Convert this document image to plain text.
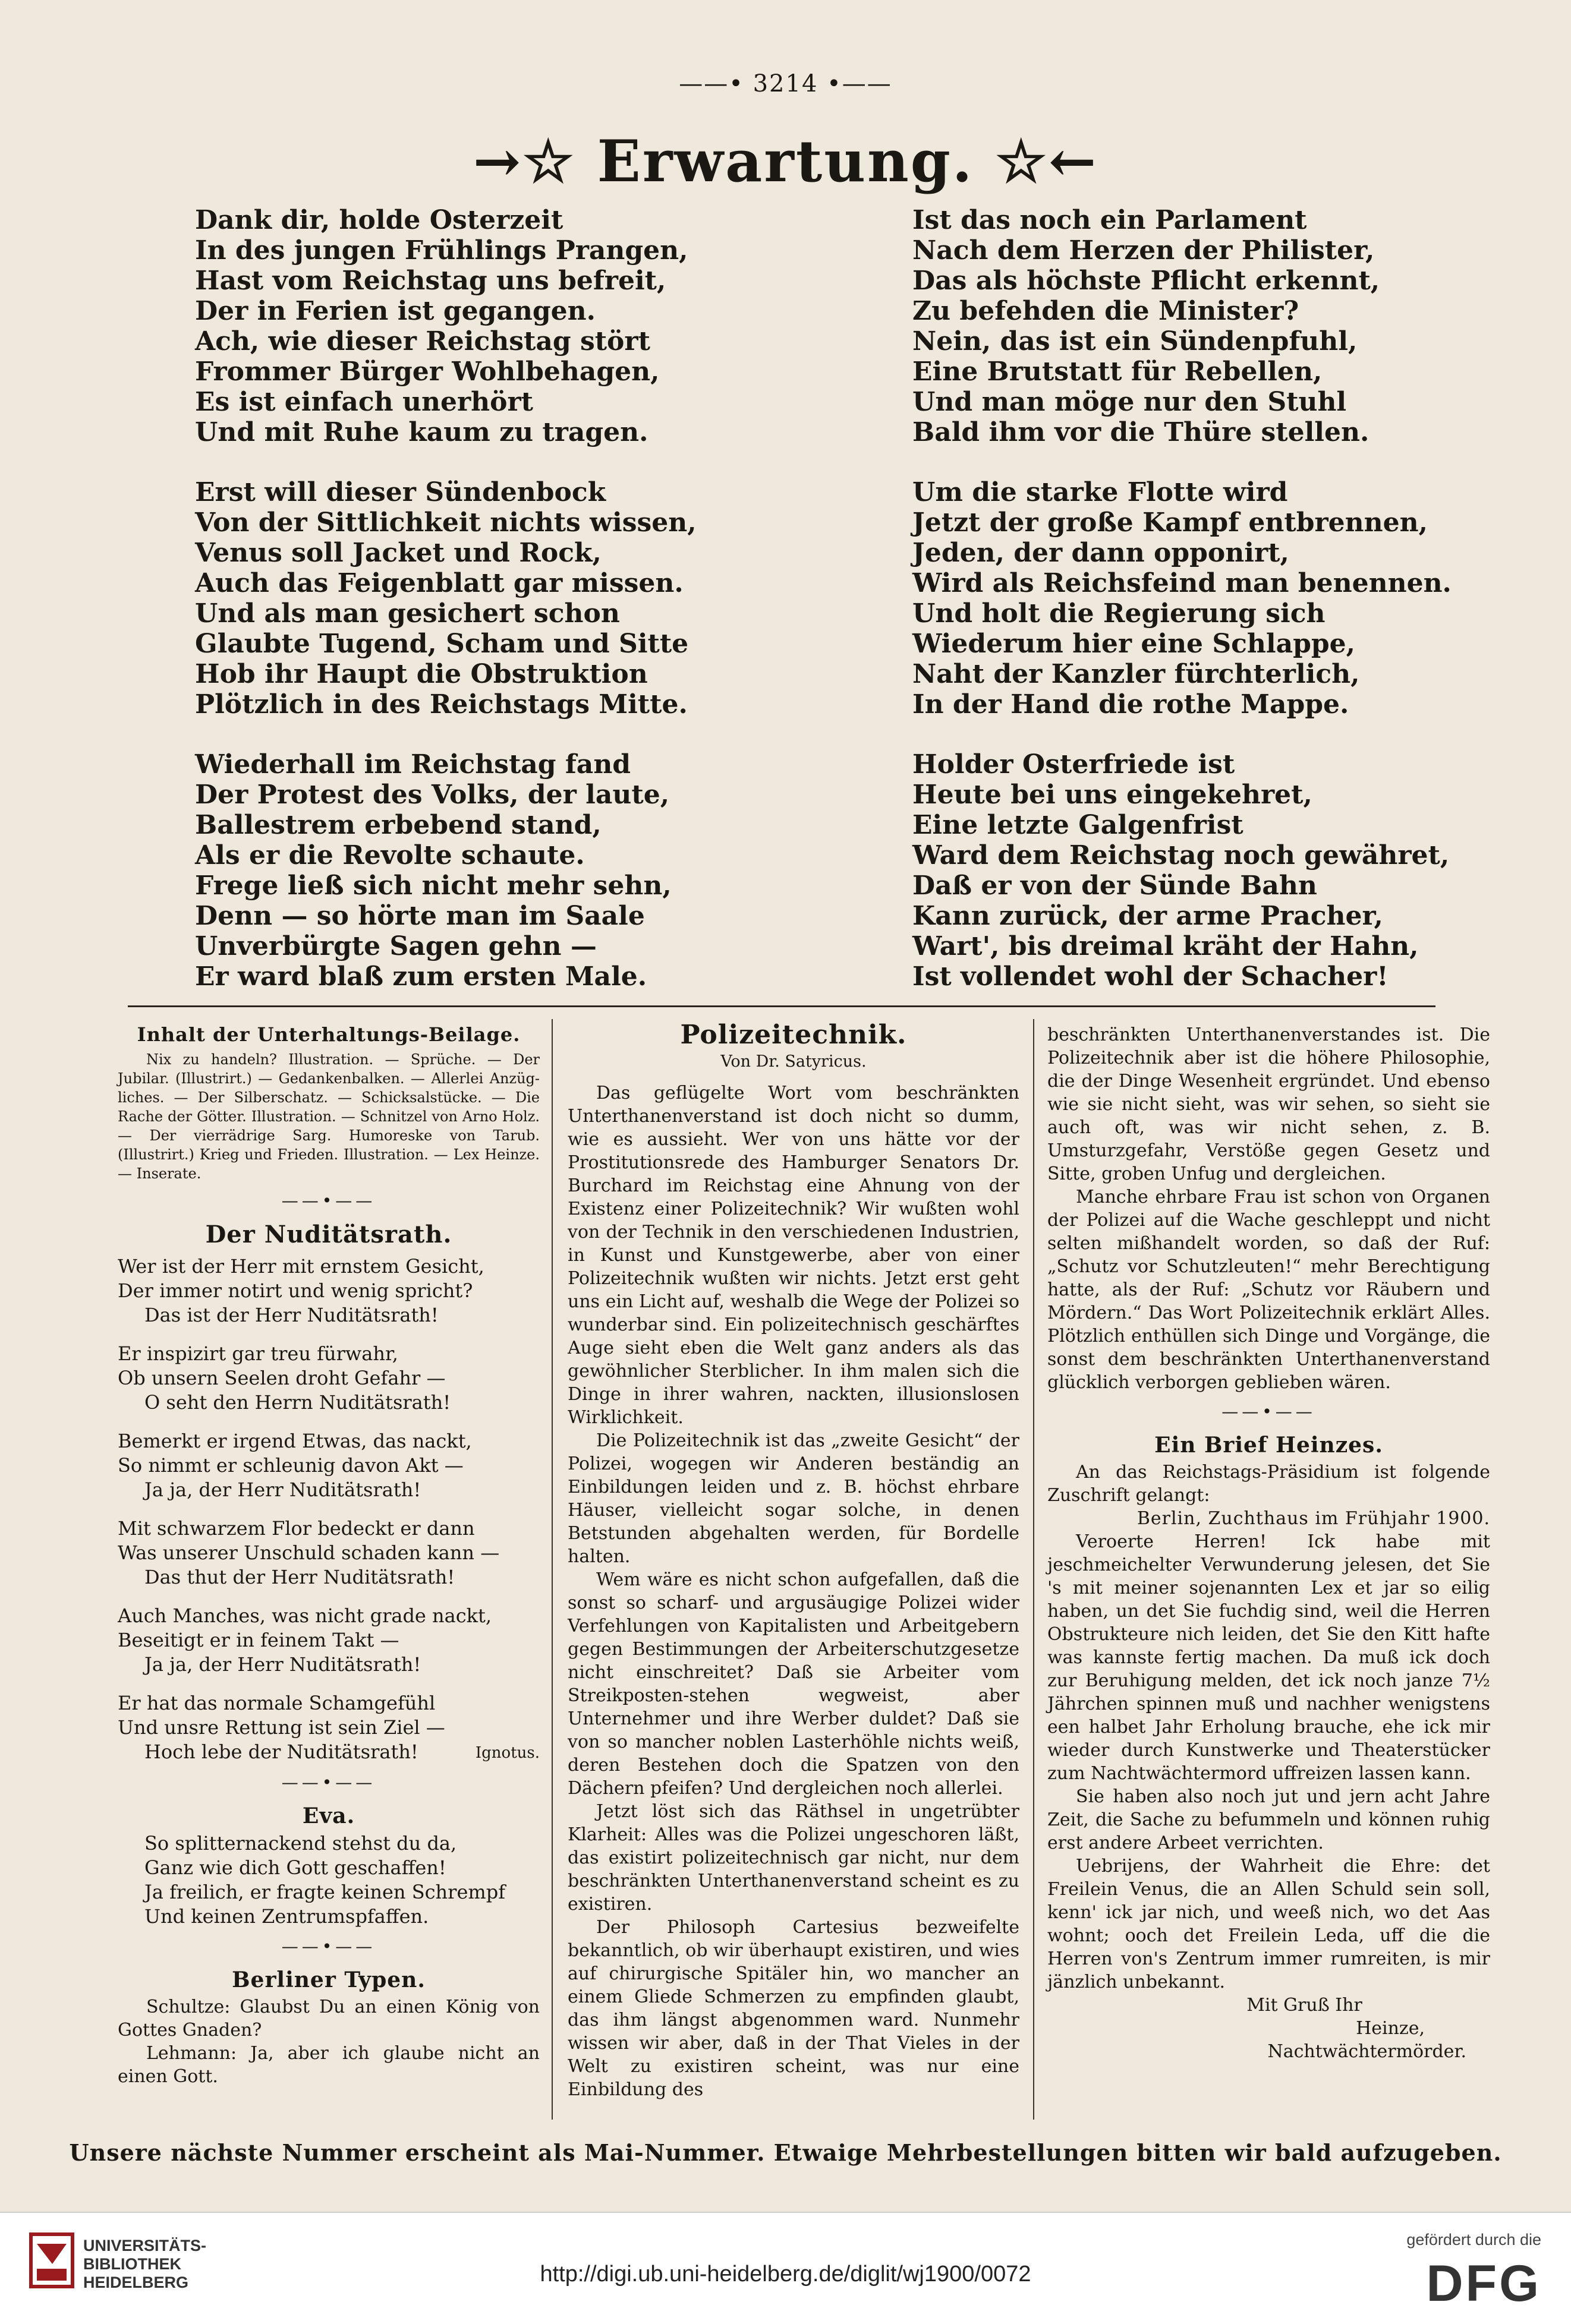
——• 3214 •——
→☆ Erwartung. ☆←
Dank dir, holde Osterzeit
In des jungen Frühlings Prangen,
Hast vom Reichstag uns befreit,
Der in Ferien ist gegangen.
Ach, wie dieser Reichstag stört
Frommer Bürger Wohlbehagen,
Es ist einfach unerhört
Und mit Ruhe kaum zu tragen.
Erst will dieser Sündenbock
Von der Sittlichkeit nichts wissen,
Venus soll Jacket und Rock,
Auch das Feigenblatt gar missen.
Und als man gesichert schon
Glaubte Tugend, Scham und Sitte
Hob ihr Haupt die Obstruktion
Plötzlich in des Reichstags Mitte.
Wiederhall im Reichstag fand
Der Protest des Volks, der laute,
Ballestrem erbebend stand,
Als er die Revolte schaute.
Frege ließ sich nicht mehr sehn,
Denn — so hörte man im Saale
Unverbürgte Sagen gehn —
Er ward blaß zum ersten Male.
Ist das noch ein Parlament
Nach dem Herzen der Philister,
Das als höchste Pflicht erkennt,
Zu befehden die Minister?
Nein, das ist ein Sündenpfuhl,
Eine Brutstatt für Rebellen,
Und man möge nur den Stuhl
Bald ihm vor die Thüre stellen.
Um die starke Flotte wird
Jetzt der große Kampf entbrennen,
Jeden, der dann opponirt,
Wird als Reichsfeind man benennen.
Und holt die Regierung sich
Wiederum hier eine Schlappe,
Naht der Kanzler fürchterlich,
In der Hand die rothe Mappe.
Holder Osterfriede ist
Heute bei uns eingekehret,
Eine letzte Galgenfrist
Ward dem Reichstag noch gewähret,
Daß er von der Sünde Bahn
Kann zurück, der arme Pracher,
Wart', bis dreimal kräht der Hahn,
Ist vollendet wohl der Schacher!
Inhalt der Unterhaltungs-Beilage.

Nix zu handeln? Illustration. — Sprüche. — Der Jubilar. (Illustrirt.) — Gedankenbalken. — Allerlei Anzüg-liches. — Der Silberschatz. — Schicksalstücke. — Die Rache der Götter. Illustration. — Schnitzel von Arno Holz. — Der vierrädrige Sarg. Humoreske von Tarub. (Illustrirt.) Krieg und Frieden. Illustration. — Lex Heinze. — Inserate.

——•——
Der Nuditätsrath.
Wer ist der Herr mit ernstem Gesicht,
Der immer notirt und wenig spricht?
Das ist der Herr Nuditätsrath!
Er inspizirt gar treu fürwahr,
Ob unsern Seelen droht Gefahr —
O seht den Herrn Nuditätsrath!
Bemerkt er irgend Etwas, das nackt,
So nimmt er schleunig davon Akt —
Ja ja, der Herr Nuditätsrath!
Mit schwarzem Flor bedeckt er dann
Was unserer Unschuld schaden kann —
Das thut der Herr Nuditätsrath!
Auch Manches, was nicht grade nackt,
Beseitigt er in feinem Takt —
Ja ja, der Herr Nuditätsrath!
Er hat das normale Schamgefühl
Und unsre Rettung ist sein Ziel —
Hoch lebe der Nuditätsrath!	Ignotus.
——•——
Eva.
So splitternackend stehst du da,
Ganz wie dich Gott geschaffen!
Ja freilich, er fragte keinen Schrempf
Und keinen Zentrumspfaffen.
——•——
Berliner Typen.

Schultze: Glaubst Du an einen König von Gottes Gnaden?

Lehmann: Ja, aber ich glaube nicht an einen Gott.

Polizeitechnik.
Von Dr. Satyricus.

Das geflügelte Wort vom beschränkten Unterthanenverstand ist doch nicht so dumm, wie es aussieht. Wer von uns hätte vor der Prostitutionsrede des Hamburger Senators Dr. Burchard im Reichstag eine Ahnung von der Existenz einer Polizeitechnik? Wir wußten wohl von der Technik in den verschiedenen Industrien, in Kunst und Kunstgewerbe, aber von einer Polizeitechnik wußten wir nichts. Jetzt erst geht uns ein Licht auf, weshalb die Wege der Polizei so wunderbar sind. Ein polizeitechnisch geschärftes Auge sieht eben die Welt ganz anders als das gewöhnlicher Sterblicher. In ihm malen sich die Dinge in ihrer wahren, nackten, illusionslosen Wirklichkeit.

Die Polizeitechnik ist das „zweite Gesicht“ der Polizei, wogegen wir Anderen beständig an Einbildungen leiden und z. B. höchst ehrbare Häuser, vielleicht sogar solche, in denen Betstunden abgehalten werden, für Bordelle halten.

Wem wäre es nicht schon aufgefallen, daß die sonst so scharf- und argusäugige Polizei wider Verfehlungen von Kapitalisten und Arbeitgebern gegen Bestimmungen der Arbeiterschutzgesetze nicht einschreitet? Daß sie Arbeiter vom Streikposten-stehen wegweist, aber Unternehmer und ihre Werber duldet? Daß sie von so mancher noblen Lasterhöhle nichts weiß, deren Bestehen doch die Spatzen von den Dächern pfeifen? Und dergleichen noch allerlei.

Jetzt löst sich das Räthsel in ungetrübter Klarheit: Alles was die Polizei ungeschoren läßt, das existirt polizeitechnisch gar nicht, nur dem beschränkten Unterthanenverstand scheint es zu existiren.

Der Philosoph Cartesius bezweifelte bekanntlich, ob wir überhaupt existiren, und wies auf chirurgische Spitäler hin, wo mancher an einem Gliede Schmerzen zu empfinden glaubt, das ihm längst abgenommen ward. Nunmehr wissen wir aber, daß in der That Vieles in der Welt zu existiren scheint, was nur eine Einbildung des

beschränkten Unterthanenverstandes ist. Die Polizeitechnik aber ist die höhere Philosophie, die der Dinge Wesenheit ergründet. Und ebenso wie sie nicht sieht, was wir sehen, so sieht sie auch oft, was wir nicht sehen, z. B. Umsturzgefahr, Verstöße gegen Gesetz und Sitte, groben Unfug und dergleichen.

Manche ehrbare Frau ist schon von Organen der Polizei auf die Wache geschleppt und nicht selten mißhandelt worden, so daß der Ruf: „Schutz vor Schutzleuten!“ mehr Berechtigung hatte, als der Ruf: „Schutz vor Räubern und Mördern.“ Das Wort Polizeitechnik erklärt Alles. Plötzlich enthüllen sich Dinge und Vorgänge, die sonst dem beschränkten Unterthanenverstand glücklich verborgen geblieben wären.

——•——
Ein Brief Heinzes.

An das Reichstags-Präsidium ist folgende Zuschrift gelangt:

Berlin, Zuchthaus im Frühjahr 1900.

Veroerte Herren! Ick habe mit jeschmeichelter Verwunderung jelesen, det Sie 's mit meiner sojenannten Lex et jar so eilig haben, un det Sie fuchdig sind, weil die Herren Obstrukteure nich leiden, det Sie den Kitt hafte was kannste fertig machen. Da muß ick doch zur Beruhigung melden, det ick noch janze 7½ Jährchen spinnen muß und nachher wenigstens een halbet Jahr Erholung brauche, ehe ick mir wieder durch Kunstwerke und Theaterstücker zum Nachtwächtermord uffreizen lassen kann.

Sie haben also noch jut und jern acht Jahre Zeit, die Sache zu befummeln und können ruhig erst andere Arbeet verrichten.

Uebrijens, der Wahrheit die Ehre: det Freilein Venus, die an Allen Schuld sein soll, kenn' ick jar nich, und weeß nich, wo det Aas wohnt; ooch det Freilein Leda, uff die die Herren von's Zentrum immer rumreiten, is mir jänzlich unbekannt.

Mit Gruß Ihr
Heinze,
Nachtwächtermörder.
Unsere nächste Nummer erscheint als Mai-Nummer. Etwaige Mehrbestellungen bitten wir bald aufzugeben.
UNIVERSITÄTS-
BIBLIOTHEK
HEIDELBERG	http://digi.ub.uni-heidelberg.de/diglit/wj1900/0072
gefördert durch die
DFG
